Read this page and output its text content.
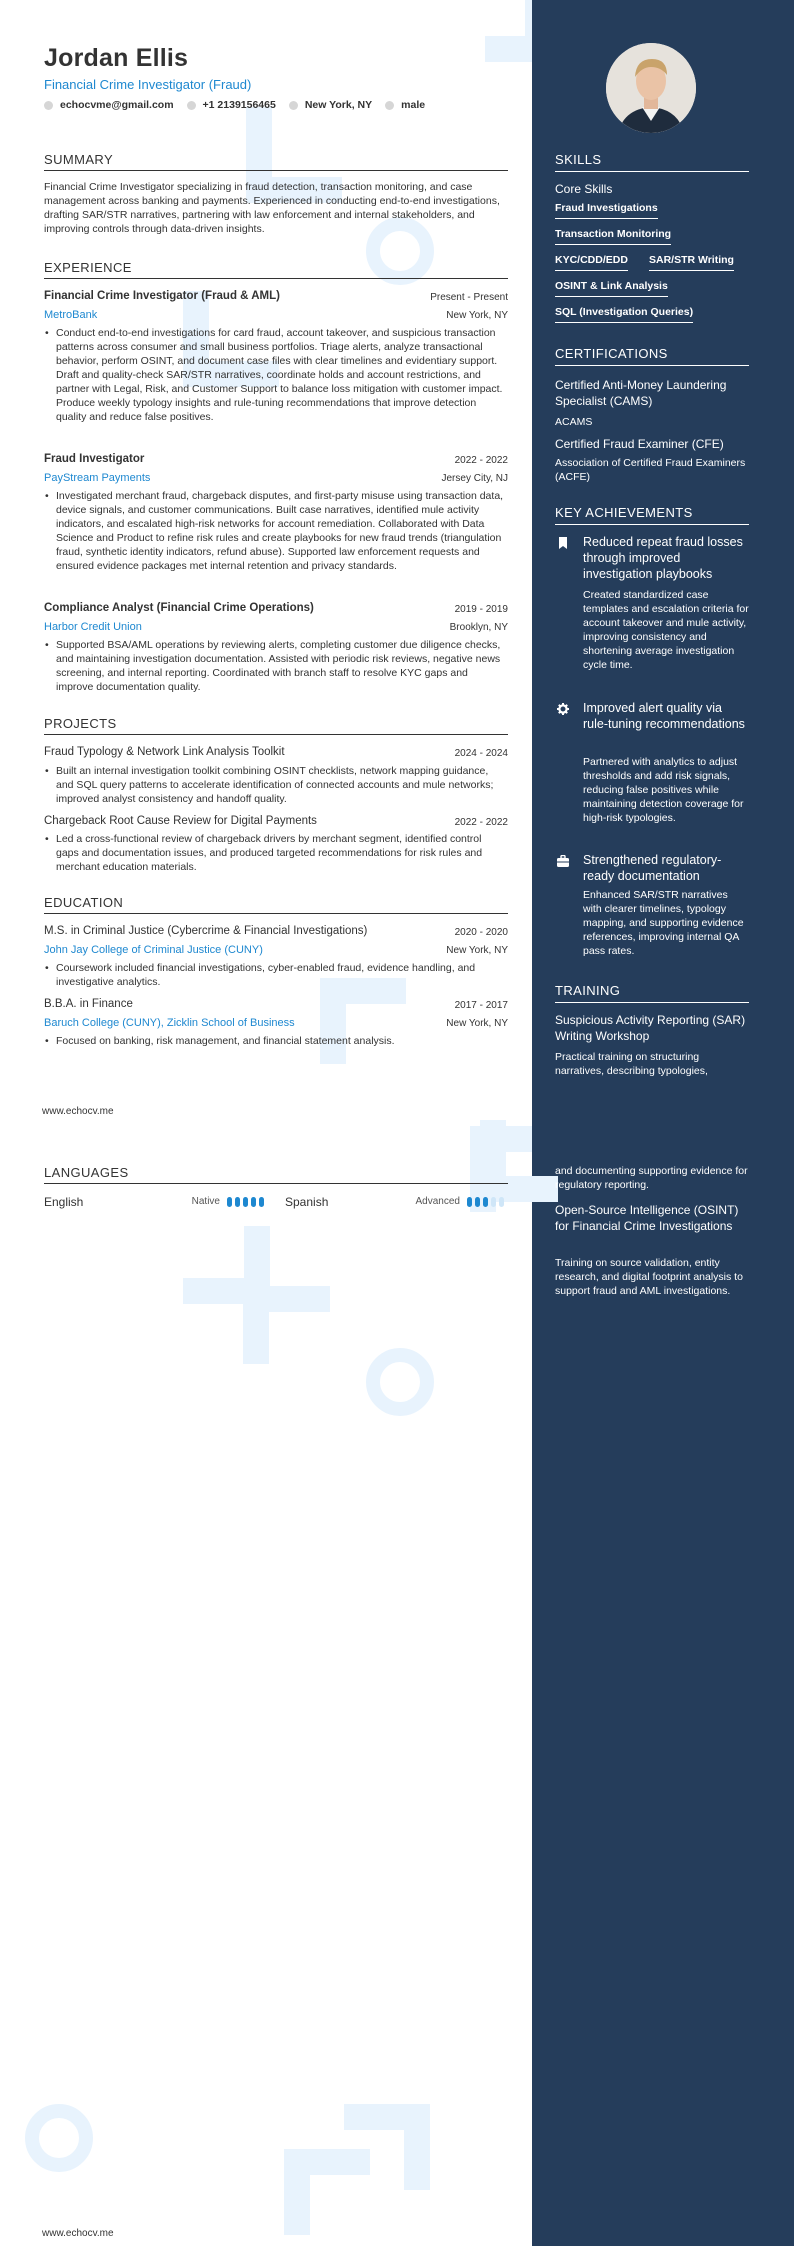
Jordan Ellis
Financial Crime Investigator (Fraud)
echocvme@gmail.com	+1 2139156465	New York, NY	male
SUMMARY
Financial Crime Investigator specializing in fraud detection, transaction monitoring, and case management across banking and payments. Experienced in conducting end-to-end investigations, drafting SAR/STR narratives, partnering with law enforcement and internal stakeholders, and improving controls through data-driven insights.
EXPERIENCE
Financial Crime Investigator (Fraud & AML)	Present - Present
MetroBank	New York, NY
• Conduct end-to-end investigations for card fraud, account takeover, and suspicious transaction patterns across consumer and small business portfolios. Triage alerts, analyze transactional behavior, perform OSINT, and document case files with clear timelines and evidentiary support. Draft and quality-check SAR/STR narratives, coordinate holds and account restrictions, and partner with Legal, Risk, and Customer Support to balance loss mitigation with customer impact. Produce weekly typology insights and rule-tuning recommendations that improve detection quality and reduce false positives.
Fraud Investigator	2022 - 2022
PayStream Payments	Jersey City, NJ
• Investigated merchant fraud, chargeback disputes, and first-party misuse using transaction data, device signals, and customer communications. Built case narratives, identified mule activity indicators, and escalated high-risk networks for account remediation. Collaborated with Data Science and Product to refine risk rules and create playbooks for new fraud trends (triangulation fraud, synthetic identity indicators, refund abuse). Supported law enforcement requests and ensured evidence packages met internal retention and privacy standards.
Compliance Analyst (Financial Crime Operations)	2019 - 2019
Harbor Credit Union	Brooklyn, NY
• Supported BSA/AML operations by reviewing alerts, completing customer due diligence checks, and maintaining investigation documentation. Assisted with periodic risk reviews, negative news screening, and internal reporting. Coordinated with branch staff to resolve KYC gaps and improve documentation quality.
PROJECTS
Fraud Typology & Network Link Analysis Toolkit	2024 - 2024
• Built an internal investigation toolkit combining OSINT checklists, network mapping guidance, and SQL query patterns to accelerate identification of connected accounts and mule networks; improved analyst consistency and handoff quality.
Chargeback Root Cause Review for Digital Payments	2022 - 2022
• Led a cross-functional review of chargeback drivers by merchant segment, identified control gaps and documentation issues, and produced targeted recommendations for risk rules and merchant education materials.
EDUCATION
M.S. in Criminal Justice (Cybercrime & Financial Investigations)	2020 - 2020
John Jay College of Criminal Justice (CUNY)	New York, NY
• Coursework included financial investigations, cyber-enabled fraud, evidence handling, and investigative analytics.
B.B.A. in Finance	2017 - 2017
Baruch College (CUNY), Zicklin School of Business	New York, NY
• Focused on banking, risk management, and financial statement analysis.
www.echocv.me
LANGUAGES
English	Native	Spanish	Advanced
www.echocv.me
SKILLS
Core Skills
Fraud Investigations
Transaction Monitoring
KYC/CDD/EDD SAR/STR Writing
OSINT & Link Analysis
SQL (Investigation Queries)
CERTIFICATIONS
Certified Anti-Money Laundering Specialist (CAMS)
ACAMS
Certified Fraud Examiner (CFE)
Association of Certified Fraud Examiners (ACFE)
KEY ACHIEVEMENTS
Reduced repeat fraud losses through improved investigation playbooks
Created standardized case templates and escalation criteria for account takeover and mule activity, improving consistency and shortening average investigation cycle time.
Improved alert quality via rule-tuning recommendations
Partnered with analytics to adjust thresholds and add risk signals, reducing false positives while maintaining detection coverage for high-risk typologies.
Strengthened regulatory-ready documentation
Enhanced SAR/STR narratives with clearer timelines, typology mapping, and supporting evidence references, improving internal QA pass rates.
TRAINING
Suspicious Activity Reporting (SAR) Writing Workshop
Practical training on structuring narratives, describing typologies,
and documenting supporting evidence for regulatory reporting.
Open-Source Intelligence (OSINT) for Financial Crime Investigations
Training on source validation, entity research, and digital footprint analysis to support fraud and AML investigations.
